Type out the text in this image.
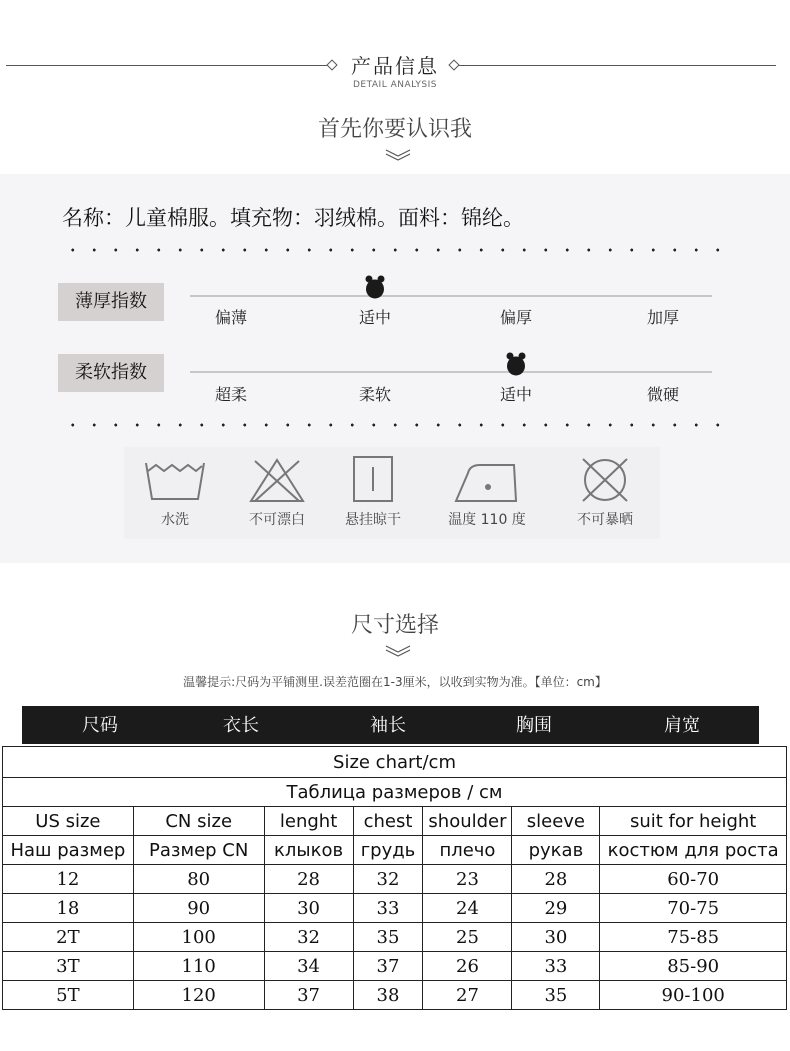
产品信息
DETAIL ANALYSIS
首先你要认识我
名称：儿童棉服。填充物：羽绒棉。面料：锦纶。
薄厚指数
偏薄	适中	偏厚	加厚
柔软指数
超柔	柔软	适中	微硬
水洗	不可漂白	悬挂晾干	温度 110 度	不可暴晒
尺寸选择
温馨提示:尺码为平铺测里.误差范圈在1-3厘米，以收到实物为准。【单位：cm】
尺码	衣长	袖长	胸围	肩宽
Size chart/cm						
Таблица размеров / см						
US size	CN size	lenght	chest	shoulder	sleeve	suit for height
Наш размер	Размер CN	клыков	грудь	плечо	рукав	костюм для роста
12	80	28	32	23	28	60-70
18	90	30	33	24	29	70-75
2T	100	32	35	25	30	75-85
3T	110	34	37	26	33	85-90
5T	120	37	38	27	35	90-100
